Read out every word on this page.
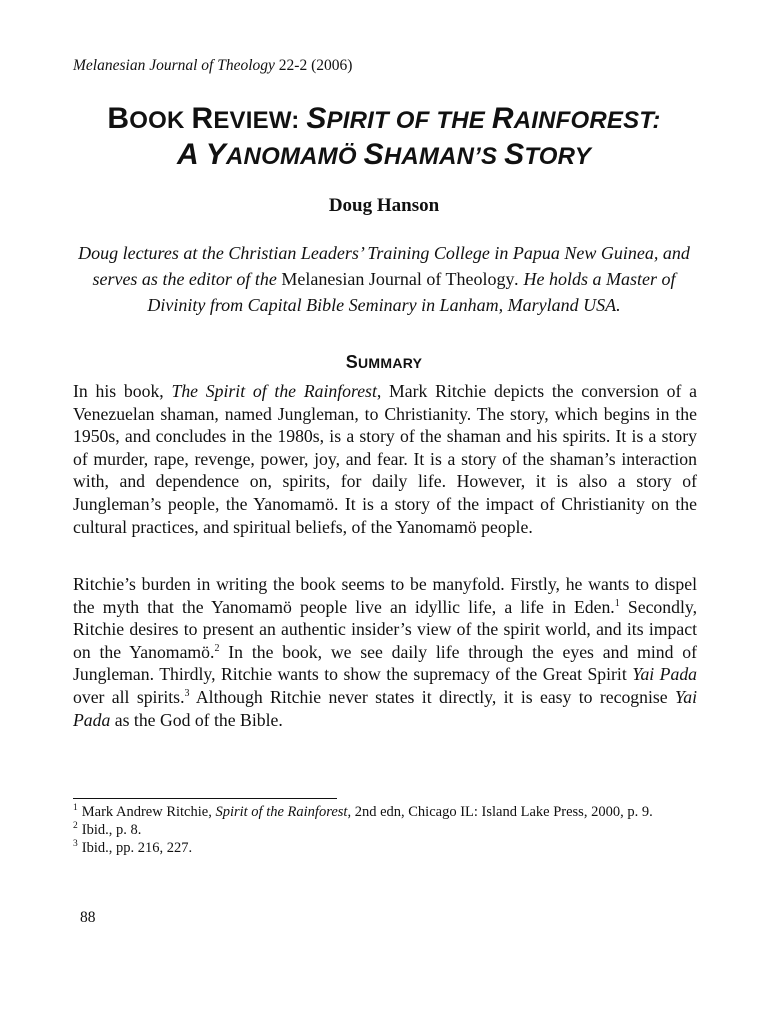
Melanesian Journal of Theology 22-2 (2006)
BOOK REVIEW: SPIRIT OF THE RAINFOREST:
A YANOMAMÖ SHAMAN’S STORY
Doug Hanson
Doug lectures at the Christian Leaders’ Training College in Papua New Guinea, and serves as the editor of the Melanesian Journal of Theology. He holds a Master of Divinity from Capital Bible Seminary in Lanham, Maryland USA.
SUMMARY
In his book, The Spirit of the Rainforest, Mark Ritchie depicts the conversion of a Venezuelan shaman, named Jungleman, to Christianity. The story, which begins in the 1950s, and concludes in the 1980s, is a story of the shaman and his spirits. It is a story of murder, rape, revenge, power, joy, and fear. It is a story of the shaman’s interaction with, and dependence on, spirits, for daily life. However, it is also a story of Jungleman’s people, the Yanomamö. It is a story of the impact of Christianity on the cultural practices, and spiritual beliefs, of the Yanomamö people.
Ritchie’s burden in writing the book seems to be manyfold. Firstly, he wants to dispel the myth that the Yanomamö people live an idyllic life, a life in Eden.$^1$ Secondly, Ritchie desires to present an authentic insider’s view of the spirit world, and its impact on the Yanomamö.$^2$ In the book, we see daily life through the eyes and mind of Jungleman. Thirdly, Ritchie wants to show the supremacy of the Great Spirit Yai Pada over all spirits.$^3$ Although Ritchie never states it directly, it is easy to recognise Yai Pada as the God of the Bible.

$^1$ Mark Andrew Ritchie, Spirit of the Rainforest, 2nd edn, Chicago IL: Island Lake Press, 2000, p. 9.

$^2$ Ibid., p. 8.

$^3$ Ibid., pp. 216, 227.

88
